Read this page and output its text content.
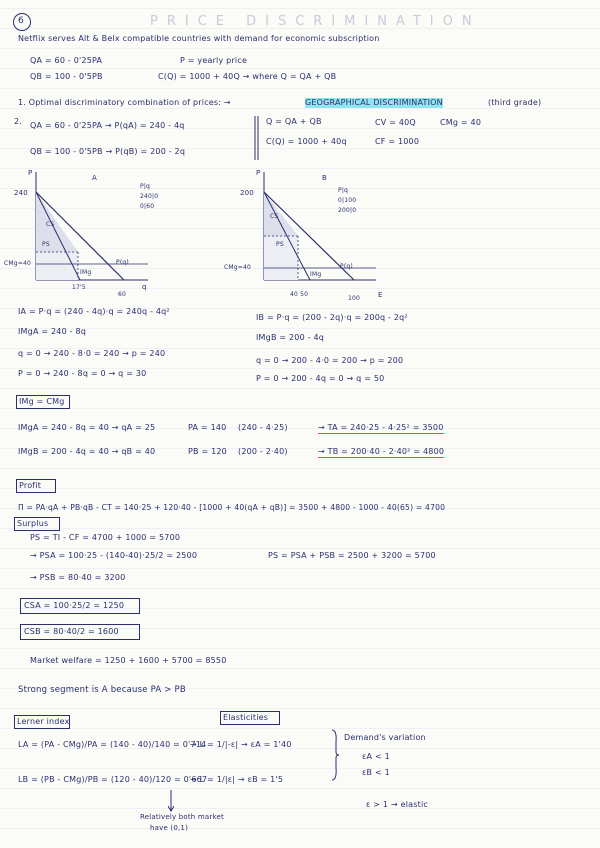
6	PRICE DISCRIMINATION
Netflix serves Alt & Belx compatible countries with demand for economic subscription
QA = 60 - 0'25PA	P = yearly price
QB = 100 - 0'5PB	C(Q) = 1000 + 40Q → where Q = QA + QB
1. Optimal discriminatory combination of prices: →	GEOGRAPHICAL DISCRIMINATION	(third grade)
2. QA = 60 - 0'25PA → P(qA) = 240 - 4q
QB = 100 - 0'5PB → P(qB) = 200 - 2q
Q = QA + QB
C(Q) = 1000 + 40q
CV = 40Q	CMg = 40
CF = 1000
P
A
240
CMg=40
CS
PS
IMg
P(q)
17'5
60
q
P|q
240|0
0|60
P
B
200
CMg=40
CS
PS
IMg
P(q)
40 50
100	E
P|q
0|100
200|0
IA = P·q = (240 - 4q)·q = 240q - 4q²
IMgA = 240 - 8q
q = 0 → 240 - 8·0 = 240 → p = 240
P = 0 → 240 - 8q = 0 → q = 30
IB = P·q = (200 - 2q)·q = 200q - 2q²
IMgB = 200 - 4q
q = 0 → 200 - 4·0 = 200 → p = 200
P = 0 → 200 - 4q = 0 → q = 50
IMg = CMg
IMgA = 240 - 8q = 40 → qA = 25	PA = 140 (240 - 4·25)	→ TA = 240·25 - 4·25² = 3500
IMgB = 200 - 4q = 40 → qB = 40	PB = 120 (200 - 2·40)	→ TB = 200·40 - 2·40² = 4800
Profit
Π = PA·qA + PB·qB - CT = 140·25 + 120·40 - [1000 + 40(qA + qB)] = 3500 + 4800 - 1000 - 40(65) = 4700
Surplus
PS = TI - CF = 4700 + 1000 = 5700
→ PSA = 100·25 - (140-40)·25/2 = 2500
→ PSB = 80·40 = 3200
PS = PSA + PSB = 2500 + 3200 = 5700
CSA = 100·25/2 = 1250
CSB = 80·40/2 = 1600
Market welfare = 1250 + 1600 + 5700 = 8550
Strong segment is A because PA > PB
Lerner index
LA = (PA - CMg)/PA = (140 - 40)/140 = 0'714
→ L = 1/|-ε| → εA = 1'40
LB = (PB - CMg)/PB = (120 - 40)/120 = 0'667
→ L = 1/|ε| → εB = 1'5
Relatively both market
have (0,1)
Elasticities
Demand's variation
εA < 1
εB < 1
ε > 1 → elastic
